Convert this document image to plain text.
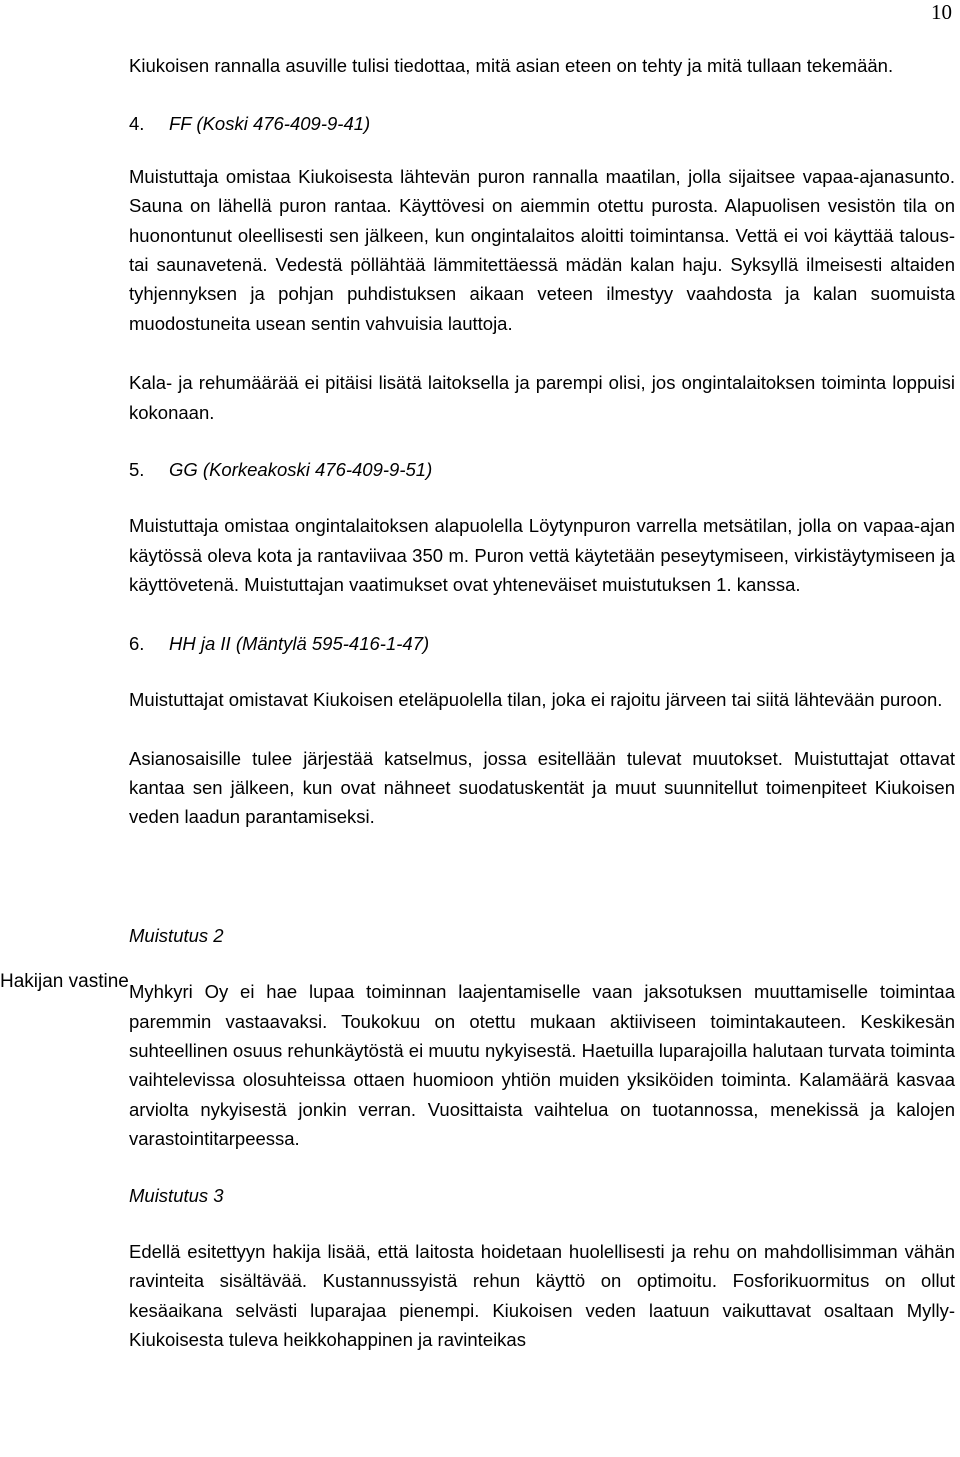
10
Hakijan vastine

Kiukoisen rannalla asuville tulisi tiedottaa, mitä asian eteen on tehty ja mitä tullaan tekemään.

4.	FF (Koski 476-409-9-41)

Muistuttaja omistaa Kiukoisesta lähtevän puron rannalla maatilan, jolla sijaitsee vapaa-ajanasunto. Sauna on lähellä puron rantaa. Käyttövesi on aiemmin otettu purosta. Alapuolisen vesistön tila on huonontunut oleellisesti sen jälkeen, kun ongintalaitos aloitti toimintansa. Vettä ei voi käyttää talous- tai saunavetenä. Vedestä pöllähtää lämmitettäessä mädän kalan haju. Syksyllä ilmeisesti altaiden tyhjennyksen ja pohjan puhdistuksen aikaan veteen ilmestyy vaahdosta ja kalan suomuista muodostuneita usean sentin vahvuisia lauttoja.

Kala- ja rehumäärää ei pitäisi lisätä laitoksella ja parempi olisi, jos ongintalaitoksen toiminta loppuisi kokonaan.

5.	GG (Korkeakoski 476-409-9-51)

Muistuttaja omistaa ongintalaitoksen alapuolella Löytynpuron varrella metsätilan, jolla on vapaa-ajan käytössä oleva kota ja rantaviivaa 350 m. Puron vettä käytetään peseytymiseen, virkistäytymiseen ja käyttövetenä. Muistuttajan vaatimukset ovat yhteneväiset muistutuksen 1. kanssa.

6.	HH ja II (Mäntylä 595-416-1-47)

Muistuttajat omistavat Kiukoisen eteläpuolella tilan, joka ei rajoitu järveen tai siitä lähtevään puroon.

Asianosaisille tulee järjestää katselmus, jossa esitellään tulevat muutokset. Muistuttajat ottavat kantaa sen jälkeen, kun ovat nähneet suodatuskentät ja muut suunnitellut toimenpiteet Kiukoisen veden laadun parantamiseksi.

Muistutus 2

Myhkyri Oy ei hae lupaa toiminnan laajentamiselle vaan jaksotuksen muuttamiselle toimintaa paremmin vastaavaksi. Toukokuu on otettu mukaan aktiiviseen toimintakauteen. Keskikesän suhteellinen osuus rehunkäytöstä ei muutu nykyisestä. Haetuilla luparajoilla halutaan turvata toiminta vaihtelevissa olosuhteissa ottaen huomioon yhtiön muiden yksiköiden toiminta. Kalamäärä kasvaa arviolta nykyisestä jonkin verran. Vuosittaista vaihtelua on tuotannossa, menekissä ja kalojen varastointitarpeessa.

Muistutus 3

Edellä esitettyyn hakija lisää, että laitosta hoidetaan huolellisesti ja rehu on mahdollisimman vähän ravinteita sisältävää. Kustannussyistä rehun käyttö on optimoitu. Fosforikuormitus on ollut kesäaikana selvästi luparajaa pienempi. Kiukoisen veden laatuun vaikuttavat osaltaan Mylly-Kiukoisesta tuleva heikkohappinen ja ravinteikas
